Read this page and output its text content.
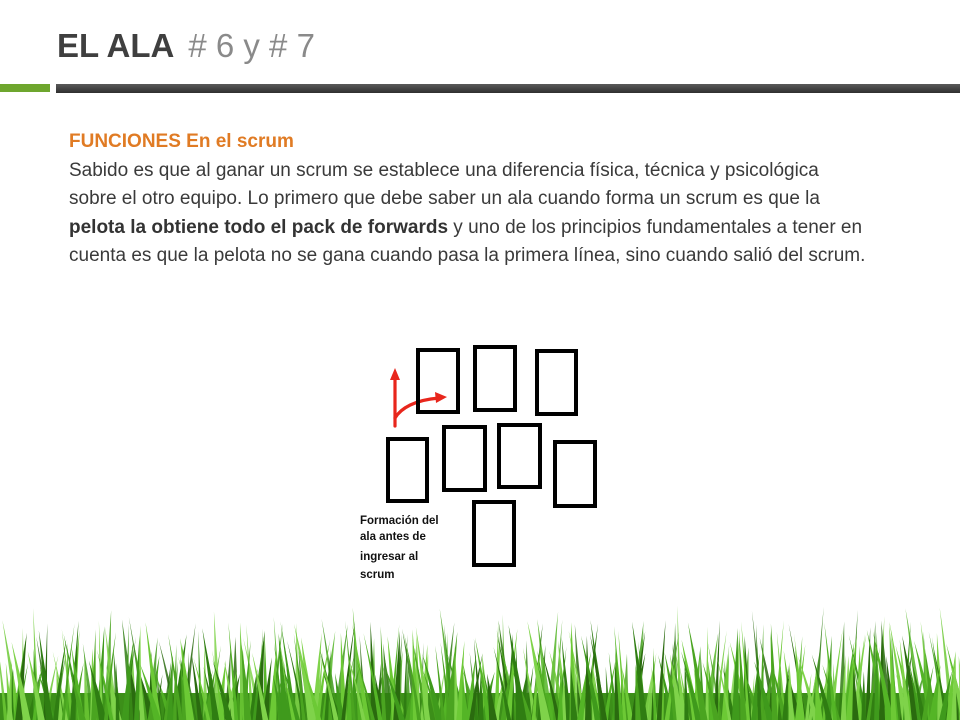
EL ALA # 6 y # 7
FUNCIONES En el scrum

Sabido es que al ganar un scrum se establece una diferencia física, técnica y psicológica sobre el otro equipo. Lo primero que debe saber un ala cuando forma un scrum es que la pelota la obtiene todo el pack de forwards y uno de los principios fundamentales a tener en cuenta es que la pelota no se gana cuando pasa la primera línea, sino cuando salió del scrum.

Formación del
ala antes de
ingresar al
scrum
